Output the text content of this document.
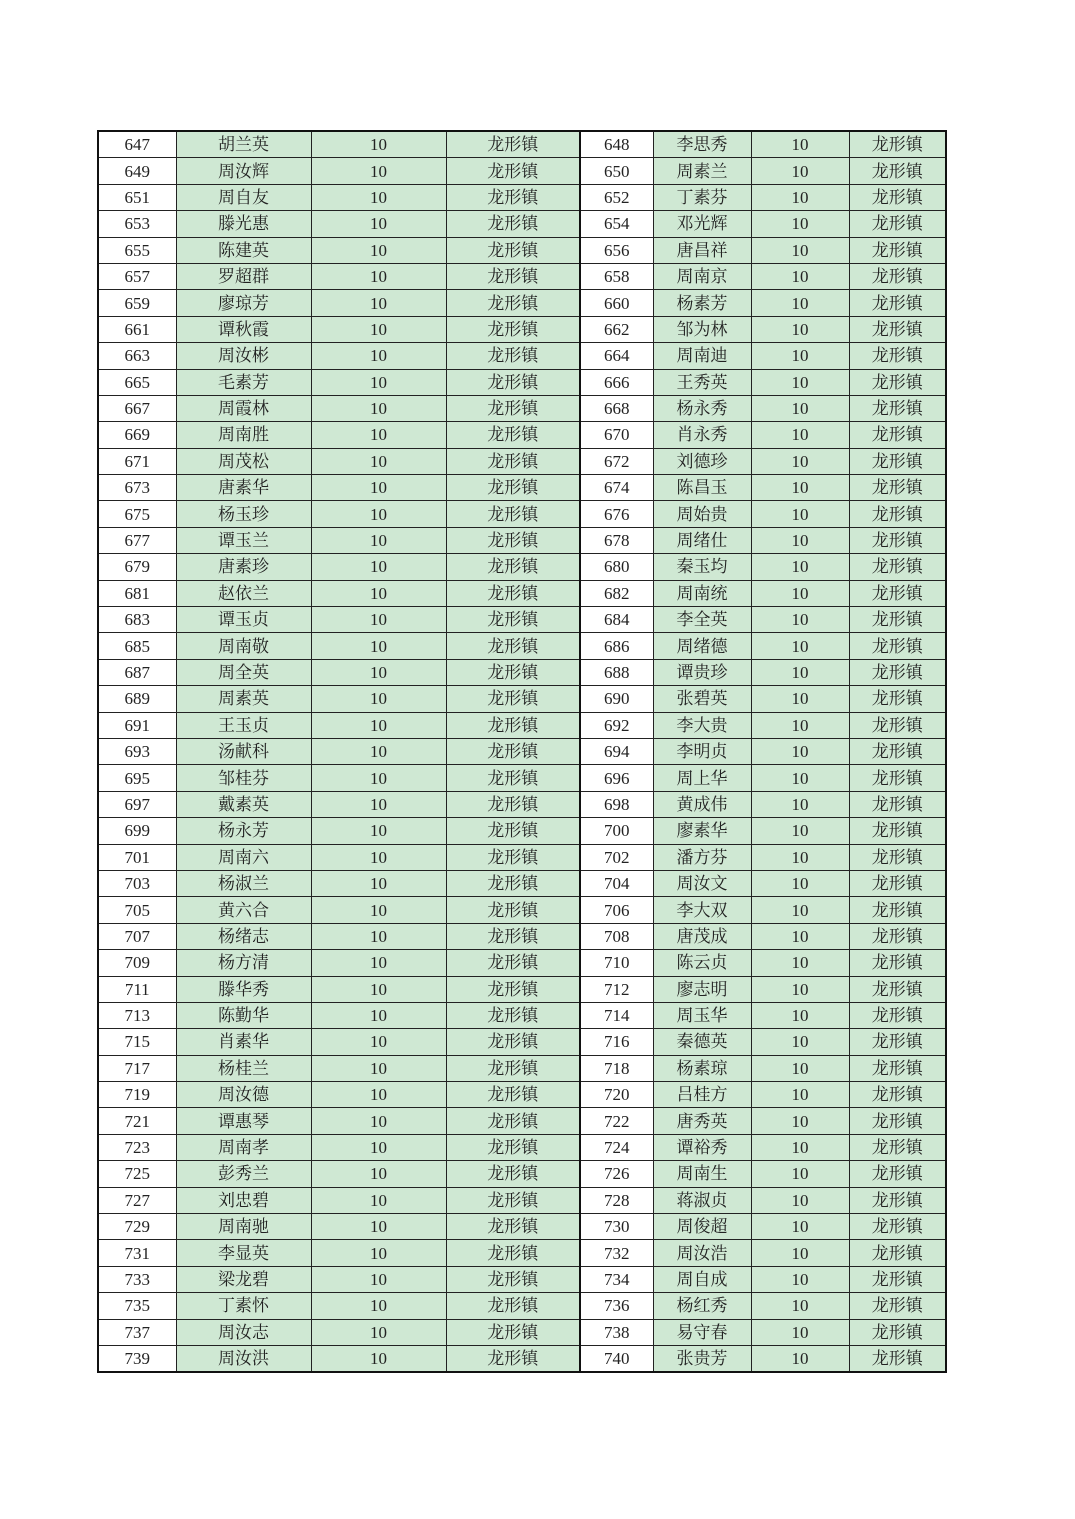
647	胡兰英	10	龙形镇	648	李思秀	10	龙形镇
649	周汝辉	10	龙形镇	650	周素兰	10	龙形镇
651	周自友	10	龙形镇	652	丁素芬	10	龙形镇
653	滕光惠	10	龙形镇	654	邓光辉	10	龙形镇
655	陈建英	10	龙形镇	656	唐昌祥	10	龙形镇
657	罗超群	10	龙形镇	658	周南京	10	龙形镇
659	廖琼芳	10	龙形镇	660	杨素芳	10	龙形镇
661	谭秋霞	10	龙形镇	662	邹为林	10	龙形镇
663	周汝彬	10	龙形镇	664	周南迪	10	龙形镇
665	毛素芳	10	龙形镇	666	王秀英	10	龙形镇
667	周霞林	10	龙形镇	668	杨永秀	10	龙形镇
669	周南胜	10	龙形镇	670	肖永秀	10	龙形镇
671	周茂松	10	龙形镇	672	刘德珍	10	龙形镇
673	唐素华	10	龙形镇	674	陈昌玉	10	龙形镇
675	杨玉珍	10	龙形镇	676	周始贵	10	龙形镇
677	谭玉兰	10	龙形镇	678	周绪仕	10	龙形镇
679	唐素珍	10	龙形镇	680	秦玉均	10	龙形镇
681	赵依兰	10	龙形镇	682	周南统	10	龙形镇
683	谭玉贞	10	龙形镇	684	李全英	10	龙形镇
685	周南敬	10	龙形镇	686	周绪德	10	龙形镇
687	周全英	10	龙形镇	688	谭贵珍	10	龙形镇
689	周素英	10	龙形镇	690	张碧英	10	龙形镇
691	王玉贞	10	龙形镇	692	李大贵	10	龙形镇
693	汤献科	10	龙形镇	694	李明贞	10	龙形镇
695	邹桂芬	10	龙形镇	696	周上华	10	龙形镇
697	戴素英	10	龙形镇	698	黄成伟	10	龙形镇
699	杨永芳	10	龙形镇	700	廖素华	10	龙形镇
701	周南六	10	龙形镇	702	潘方芬	10	龙形镇
703	杨淑兰	10	龙形镇	704	周汝文	10	龙形镇
705	黄六合	10	龙形镇	706	李大双	10	龙形镇
707	杨绪志	10	龙形镇	708	唐茂成	10	龙形镇
709	杨方清	10	龙形镇	710	陈云贞	10	龙形镇
711	滕华秀	10	龙形镇	712	廖志明	10	龙形镇
713	陈勤华	10	龙形镇	714	周玉华	10	龙形镇
715	肖素华	10	龙形镇	716	秦德英	10	龙形镇
717	杨桂兰	10	龙形镇	718	杨素琼	10	龙形镇
719	周汝德	10	龙形镇	720	吕桂方	10	龙形镇
721	谭惠琴	10	龙形镇	722	唐秀英	10	龙形镇
723	周南孝	10	龙形镇	724	谭裕秀	10	龙形镇
725	彭秀兰	10	龙形镇	726	周南生	10	龙形镇
727	刘忠碧	10	龙形镇	728	蒋淑贞	10	龙形镇
729	周南驰	10	龙形镇	730	周俊超	10	龙形镇
731	李显英	10	龙形镇	732	周汝浩	10	龙形镇
733	梁龙碧	10	龙形镇	734	周自成	10	龙形镇
735	丁素怀	10	龙形镇	736	杨红秀	10	龙形镇
737	周汝志	10	龙形镇	738	易守春	10	龙形镇
739	周汝洪	10	龙形镇	740	张贵芳	10	龙形镇
